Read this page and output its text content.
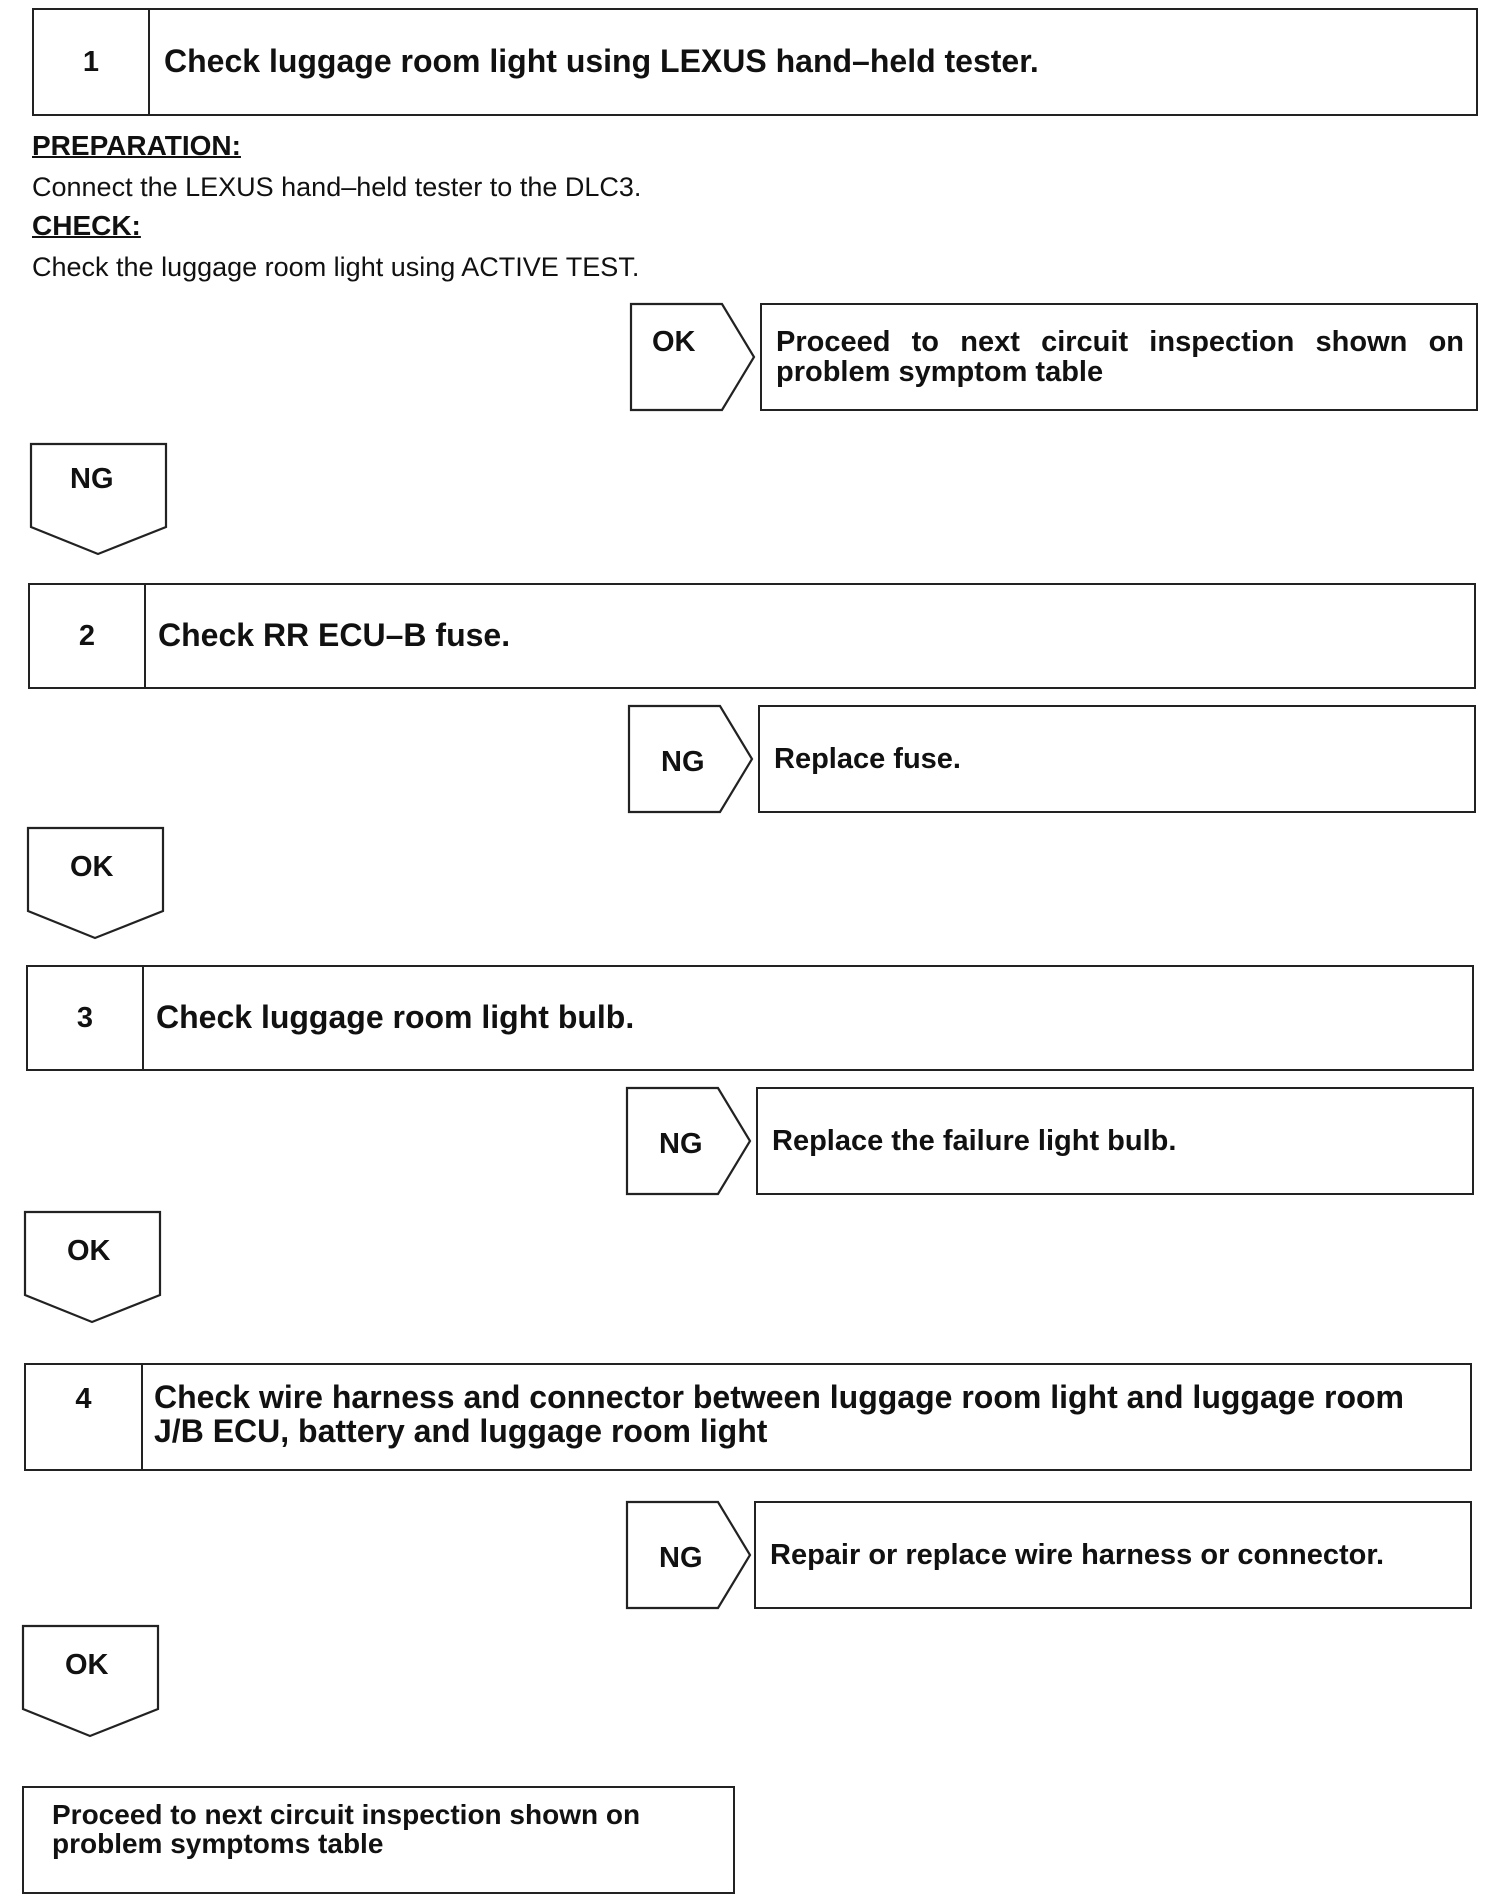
1	Check luggage room light using LEXUS hand–held tester.
PREPARATION:
Connect the LEXUS hand–held tester to the DLC3.
CHECK:
Check the luggage room light using ACTIVE TEST.
OK	Proceed to next circuit inspection shown on problem symptom table
NG
2	Check RR ECU–B fuse.
NG	Replace fuse.
OK
3	Check luggage room light bulb.
NG	Replace the failure light bulb.
OK
4	Check wire harness and connector between luggage room light and luggage room J/B ECU, battery and luggage room light
NG	Repair or replace wire harness or connector.
OK
Proceed to next circuit inspection shown on problem symptoms table
